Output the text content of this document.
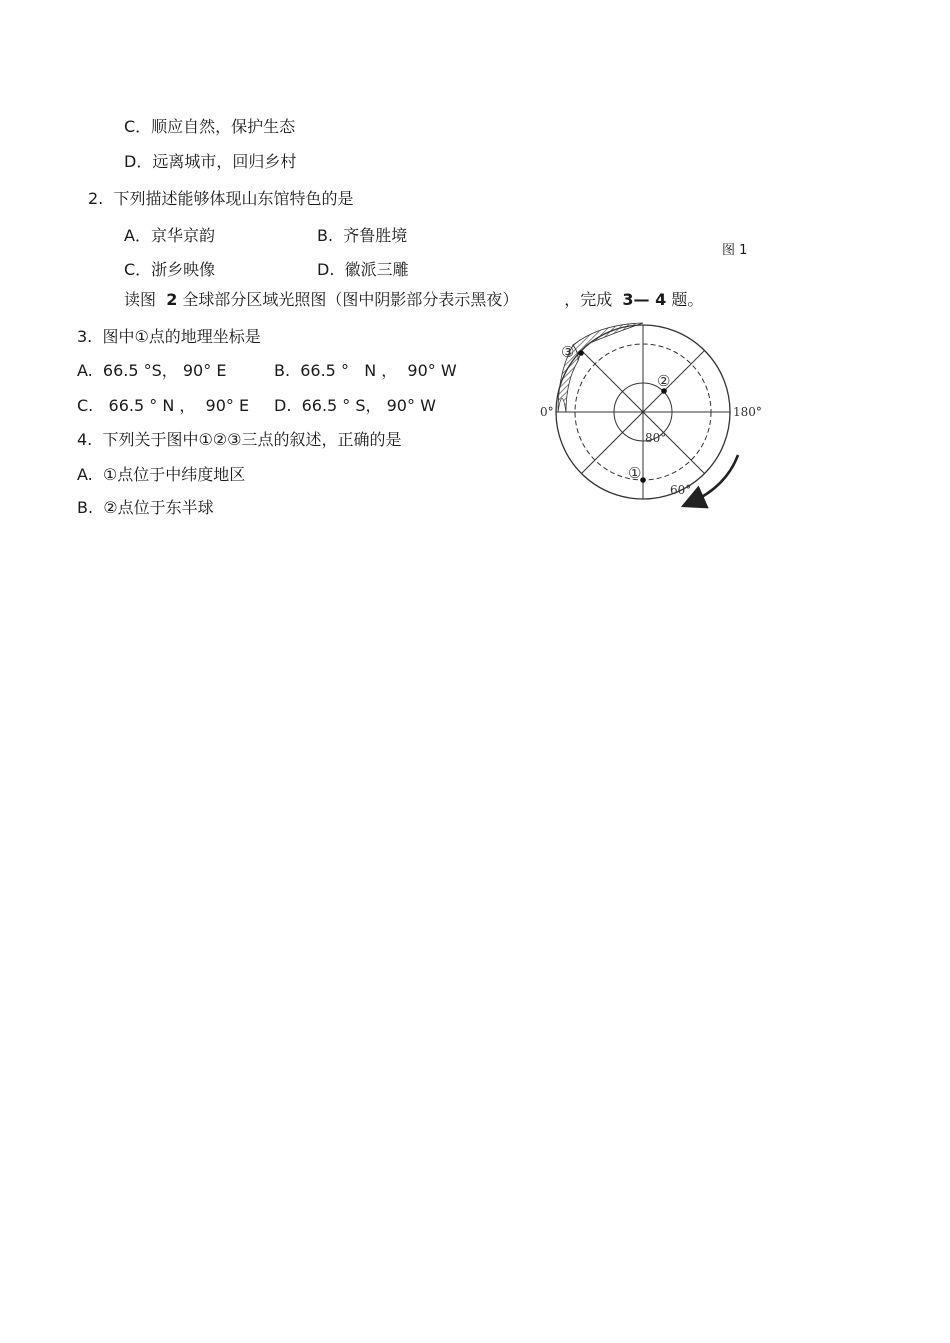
C．顺应自然，保护生态
D．远离城市，回归乡村
2.  下列描述能够体现山东馆特色的是
A．京华京韵	B.  齐鲁胜境
图 1
C．浙乡映像	D.  徽派三雕
读图 2 全球部分区域光照图（图中阴影部分表示黑夜）	，完成 3— 4 题。
3.  图中①点的地理坐标是
A.  66.5 °S， 90° E	B.  66.5 °   N ，  90° W
C.   66.5 ° N ，  90° E D.  66.5 ° S， 90° W
4.  下列关于图中①②③三点的叙述，正确的是
A.  ①点位于中纬度地区
B.  ②点位于东半球
0°	180°
80°
60°
③
②
①
